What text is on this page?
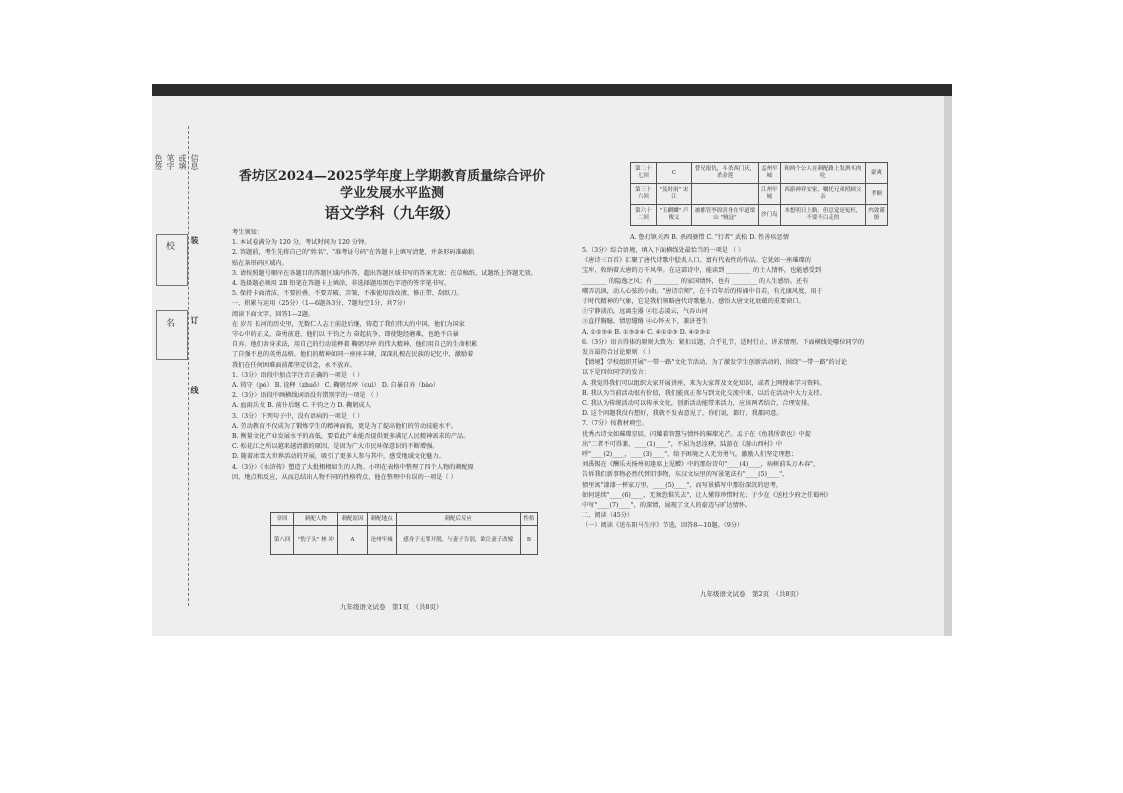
色签 笔字 或填 信息
校
名
装
订
线
香坊区2024—2025学年度上学期教育质量综合评价
学业发展水平监测
语文学科（九年级）

考生须知：

1. 本试卷满分为 120 分，考试时间为 120 分钟。

2. 答题前，考生先将自己的"姓名"、"准考证号码"在答题卡上填写清楚，并条形码准确粘

贴在条形码区域内。

3. 请按照题号顺序在各题目的答题区域内作答，超出答题区域书写的答案无效；在草稿纸、试题纸上答题无效。

4. 选择题必须用 2B 铅笔在答题卡上填涂，非选择题用黑色字迹的签字笔书写。

5. 保持卡面清洁，不要折叠、不要弄破、弄皱，不准使用涂改液、修正带、刮纸刀。

一、积累与运用（25分）（1—6题各3分，7题每空1分，共7分）

阅读下面文字，回答1—2题。

在 岁月 长河的历史里，无数仁人志士前赴后继，铸造了我们伟大的中国，他们为国家

守心中的正义，奋勇前进，他们以 千钧之力 奋起抗争，即使饱经磨难，也绝不自暴

自弃。他们舍身求法，用自己的行动诠释着 鞠躬尽瘁 的伟大精神，他们用自己的生命积累

了自强不息的英勇品格，他们的精神如同一座座丰碑，深深扎根在民族的记忆中，激励着

我们在任何困难面前都坚定信念，永不放弃。

1.（3分）语段中加点字注音正确的一项是 （ ）

A. 铸守（pé） B. 诠释（zhuō） C. 鞠躬尽瘁（cuì） D. 自暴自弃（bào）

2.（3分）语段中画横线词语没有错别字的一项是 （ ）

A. 血雨兵戈 B. 前仆后继 C. 千钧之力 D. 鞠躬成人

3.（3分）下列句子中，没有语病的一项是 （ ）

A. 劳动教育不仅成为了锻炼学生的精神面貌，更是为了提高他们的劳动技能水平。

B. 衡量文化产业发展水平的高低，要看此产业能否提供更多满足人民精神需求的产品。

C. 松花江之所以越来越清澈的原因，是因为广大市民环保意识的不断增强。

D. 随着冰雪大世界活动的开展，吸引了更多人参与其中，感受地域文化魅力。

4.（3分）《水浒传》塑造了大批栩栩如生的人物。小明在表格中整理了四个人物的刺配原

因、地点和反应，从而总结出人物不同的性格特点，他在整理中有误的一项是（ ）

章回	刺配人物	刺配原因	刺配地点	刺配后反应	性格
第八回	"豹子头" 林 冲	A	沧州牢城	感身于无罪开脱，与妻子告别，欲让妻子改嫁	B
九年级语文试卷　第1页　（共8页）
第二十七回	C	替兄报仇，斗杀西门庆，杀金莲	孟州牢城	和两个公人在刺配路上发酒买肉吃	豪爽
第三十六回	"及时雨" 宋 江		江州牢城	西游神祥安家，嘱托兄弟照顾父亲	孝顺
第六十二回	"玉麒麟" 卢俊义	被都管李固害身在牢道梁山 "贼寇"	沙门岛	本想明日上路，但总觉是冤枉，不要不白走的	内敛谨慎

A. 鲁打镇关西 B. 杀阎婆惜 C. "行者" 武松 D. 性善疾恶情

5.（3分）综合语境，填入下面横线处最恰当的一项是 （ ）

《唐诗三百首》汇聚了唐代诗歌中脍炙人口、富有代表性的作品。它犹如一座璀璨的

宝库，收纳着大唐的万千风华。在这部诗中，能读到 ________ 的士人情怀，也能感受到

________ 的隐逸之风；有 ________ 的家国情怀，也有 ________ 的人生感悟。还有

嘲弄讥讽，动人心弦的小曲。"唐诗宗师"，在千百年后的传诵中自若，有尤康风度，用于

于时代精神的气象，它是我们领略唐代诗歌魅力、感悟大唐文化底蕴的重要窗口。

①宁静淡泊，远离尘嚣 ②壮志凌云，气吞山河

③直抒胸臆，情思缱绻 ④心怀天下，兼济苍生

A. ①②③④ B. ①③②④ C. ④①②③ D. ④②③①

6.（3分）语言得体的原则大致为：紧扣议题，合乎礼节，适时行止，讲求情理。下面横线处哪位同学的

发言最符合讨论原则 （ ）

【情境】学校组织开展"一带一路"文化节活动，为了激发学生创新活动的，围绕"一带一路"的讨论

以下是四位同学的发言：

A. 我觉得我们可以组织大家开展讲座，来为大家普及文化知识，或者上网搜索学习资料。

B. 我认为当前活动很有价值，我们能真正参与到文化交流中来，以后在活动中大力支持。

C. 我认为传统活动可以传承文化，创新活动能带来活力，应该两者结合，合理安排。

D. 这个问题我没有想好，我就不发表意见了，你们说，都行，我都同意。

7.（7分）按教材填空。

优秀古诗文如璀璨星辰，闪耀着智慧与情怀的璀璨光芒。孟子在《鱼我所欲也》中提

出"二者不可得兼，____(1)____"，不屈为恶诠释，陆游在《游山西村》中

呼"____(2)____，____(3)____"，给予困境之人无穷勇气。激励人们坚定理想；

刘禹锡在《酬乐天扬州初逢席上见赠》中的那份诗句"____(4)____，病树前头万木春"，

告诉我们新事物必然代替旧事物，东汉文坛里的写景笔法有"____(5)____"，

情里寓"漆漆一杯家万里，____(5)____"，而写景描写中那份深沉的思考，

如何延续"____(6)____，无须恐惧失去"，让人懂得珍惜时光；于少在《送杜少府之任蜀州》

中写"____(7)____"，的深情，展现了文人的豪迈与旷达情怀。

二、阅读（45分）

（一）阅读《送东阳马生序》节选，回答8—10题。（9分）

九年级语文试卷　第2页　（共8页）
